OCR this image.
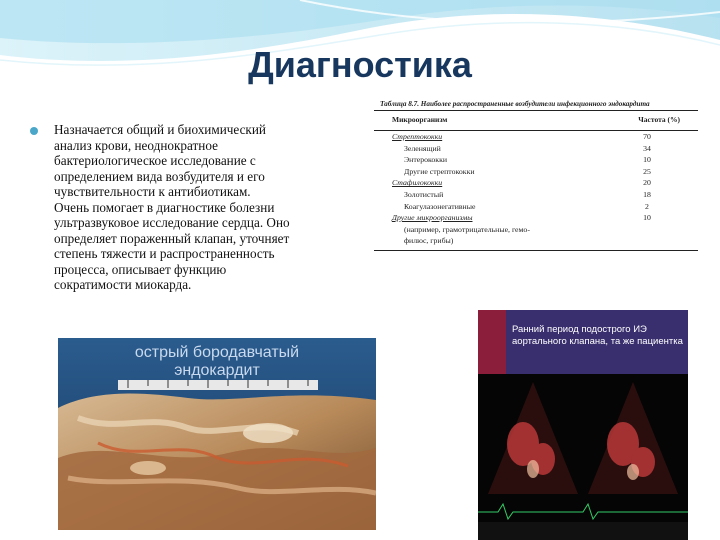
Диагностика
Назначается общий и биохимический
анализ крови, неоднократное
бактериологическое исследование с
определением вида возбудителя и его
чувствительности к антибиотикам.
Очень помогает в диагностике болезни
ультразвуковое исследование сердца. Оно
определяет пораженный клапан, уточняет
степень тяжести и распространенность
процесса, описывает функцию
сократимости миокарда.
Таблица 8.7. Наиболее распространенные возбудители инфекционного эндокардита
Микроорганизм	Частота (%)
Стрептококки	70
Зеленящий	34
Энтерококки	10
Другие стрептококки	25
Стафилококки	20
Золотистый	18
Коагулазонегативные	2
Другие микроорганизмы	10
(например, грамотрицательные, гемо-
филюс, грибы)
острый бородавчатый
эндокардит
Ранний период подострого ИЭ аортального клапана, та же пациентка
